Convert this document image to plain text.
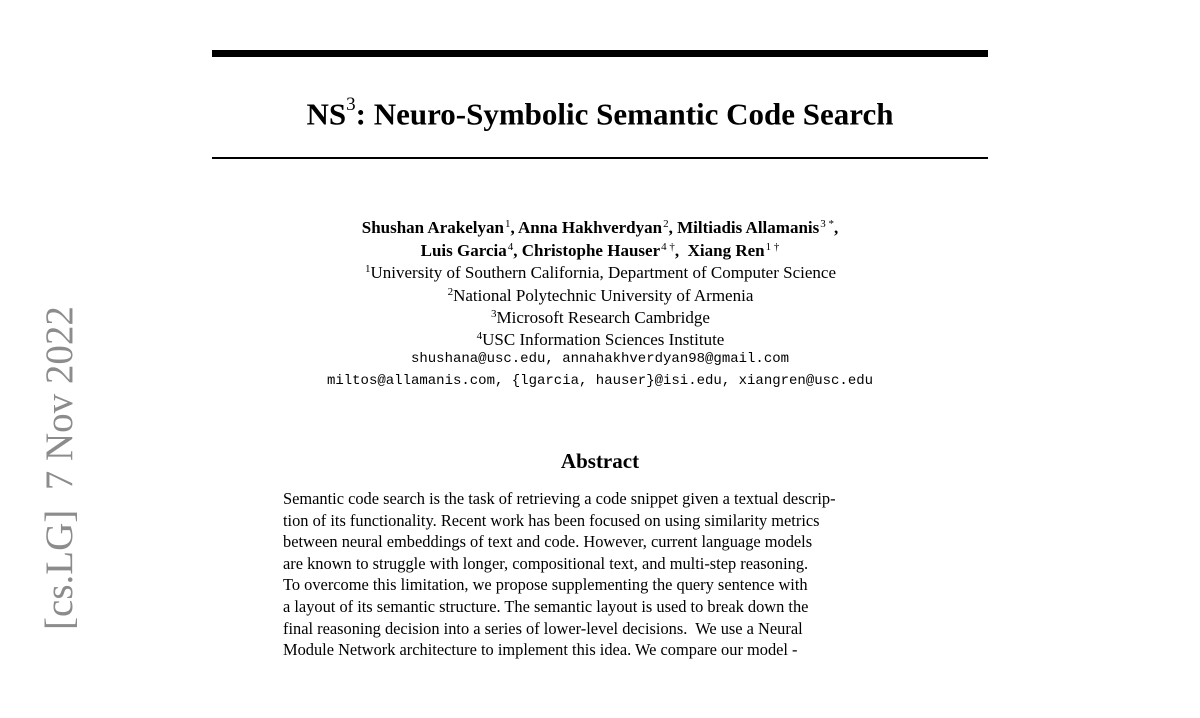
$NS^3$: Neuro-Symbolic Semantic Code Search
Shushan Arakelyan$^1$, Anna Hakhverdyan$^2$, Miltiadis Allamanis$^{3 *}$,
Luis Garcia$^4$, Christophe Hauser$^{4 \dagger}$,  Xiang Ren$^{1 \dagger}$
$^1$University of Southern California, Department of Computer Science
$^2$National Polytechnic University of Armenia
$^3$Microsoft Research Cambridge
$^4$USC Information Sciences Institute
shushana@usc.edu, annahakhverdyan98@gmail.com
miltos@allamanis.com, {lgarcia, hauser}@isi.edu, xiangren@usc.edu
Abstract
Semantic code search is the task of retrieving a code snippet given a textual descrip-
tion of its functionality. Recent work has been focused on using similarity metrics
between neural embeddings of text and code. However, current language models
are known to struggle with longer, compositional text, and multi-step reasoning.
To overcome this limitation, we propose supplementing the query sentence with
a layout of its semantic structure. The semantic layout is used to break down the
final reasoning decision into a series of lower-level decisions.  We use a Neural
Module Network architecture to implement this idea. We compare our model -
[cs.LG]  7 Nov 2022
